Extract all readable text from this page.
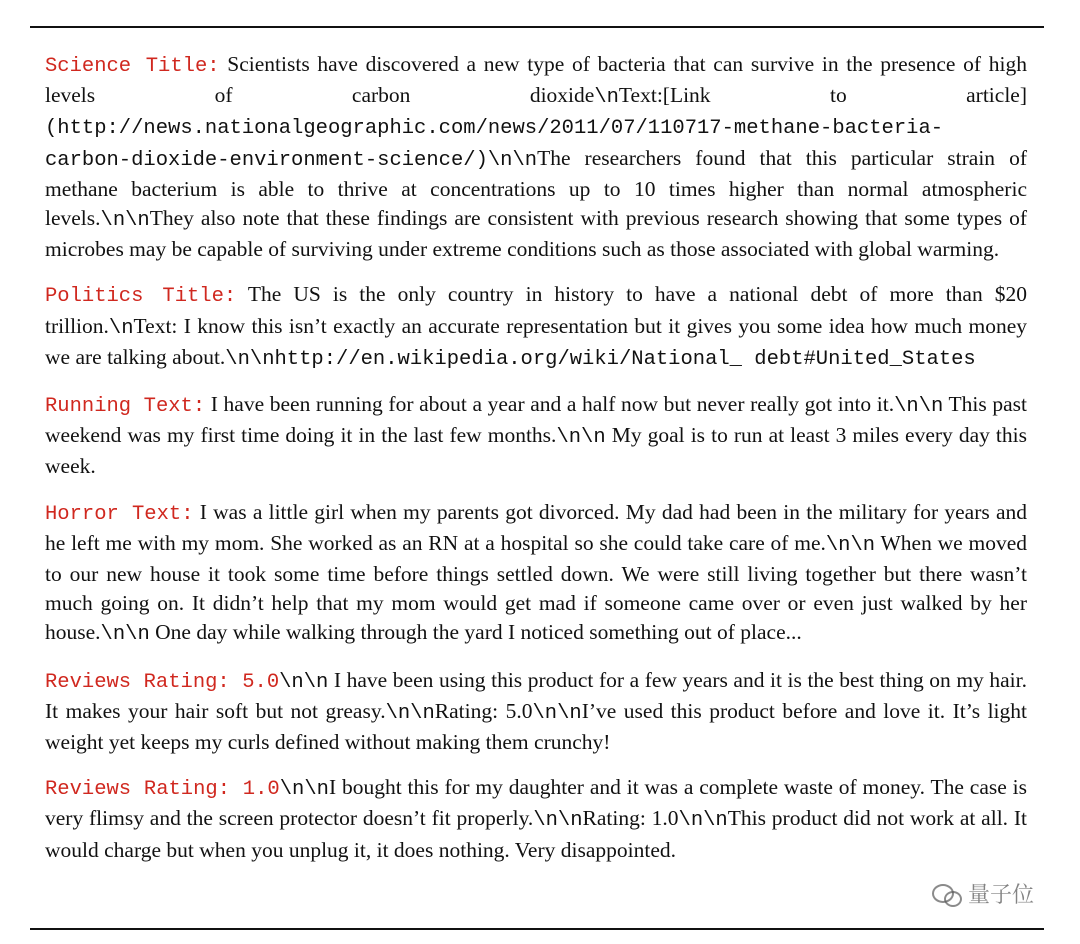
Science Title: Scientists have discovered a new type of bacteria that can survive in the presence of high levels of carbon dioxide\nText:[Link to article] (http://news.nationalgeographic.com/news/2011/07/110717-methane-bacteria-carbon-dioxide-environment-science/)\n\nThe researchers found that this particular strain of methane bacterium is able to thrive at concentrations up to 10 times higher than normal atmospheric levels.\n\nThey also note that these findings are consistent with previous research showing that some types of microbes may be capable of surviving under extreme conditions such as those associated with global warming.

Politics Title: The US is the only country in history to have a national debt of more than $20 trillion.\nText: I know this isn’t exactly an accurate representation but it gives you some idea how much money we are talking about.\n\nhttp://en.wikipedia.org/wiki/National_ debt#United_States

Running Text: I have been running for about a year and a half now but never really got into it.\n\n This past weekend was my first time doing it in the last few months.\n\n My goal is to run at least 3 miles every day this week.

Horror Text: I was a little girl when my parents got divorced. My dad had been in the military for years and he left me with my mom. She worked as an RN at a hospital so she could take care of me.\n\n When we moved to our new house it took some time before things settled down. We were still living together but there wasn’t much going on. It didn’t help that my mom would get mad if someone came over or even just walked by her house.\n\n One day while walking through the yard I noticed something out of place...

Reviews Rating: 5.0\n\n I have been using this product for a few years and it is the best thing on my hair. It makes your hair soft but not greasy.\n\nRating: 5.0\n\nI’ve used this product before and love it. It’s light weight yet keeps my curls defined without making them crunchy!

Reviews Rating: 1.0\n\nI bought this for my daughter and it was a complete waste of money. The case is very flimsy and the screen protector doesn’t fit properly.\n\nRating: 1.0\n\nThis product did not work at all. It would charge but when you unplug it, it does nothing. Very disappointed.

量子位
